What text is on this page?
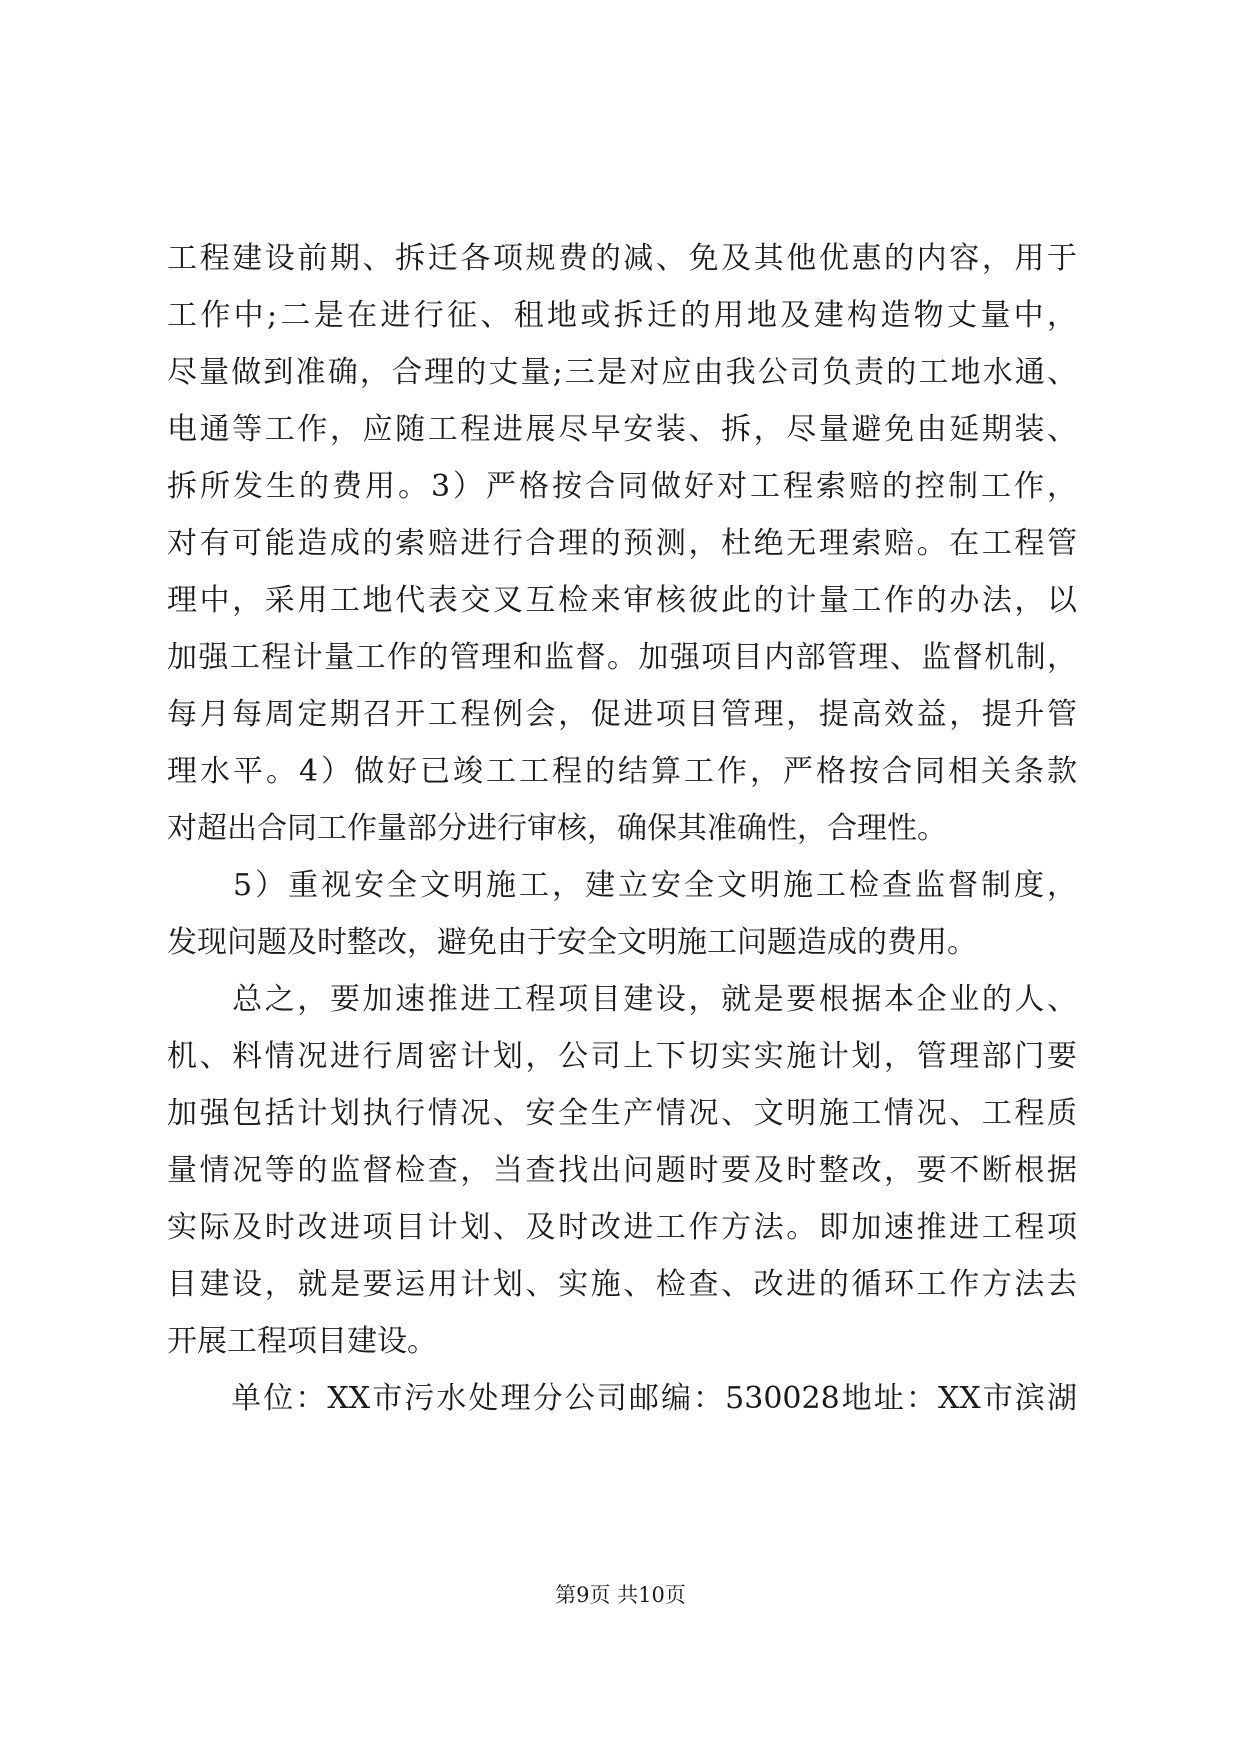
工程建设前期、拆迁各项规费的减、免及其他优惠的内容，用于
工作中;二是在进行征、租地或拆迁的用地及建构造物丈量中，
尽量做到准确，合理的丈量;三是对应由我公司负责的工地水通、
电通等工作，应随工程进展尽早安装、拆，尽量避免由延期装、
拆所发生的费用。3）严格按合同做好对工程索赔的控制工作，
对有可能造成的索赔进行合理的预测，杜绝无理索赔。在工程管
理中，采用工地代表交叉互检来审核彼此的计量工作的办法，以
加强工程计量工作的管理和监督。加强项目内部管理、监督机制，
每月每周定期召开工程例会，促进项目管理，提高效益，提升管
理水平。4）做好已竣工工程的结算工作，严格按合同相关条款
对超出合同工作量部分进行审核，确保其准确性，合理性。
　　5）重视安全文明施工，建立安全文明施工检查监督制度，
发现问题及时整改，避免由于安全文明施工问题造成的费用。
　　总之，要加速推进工程项目建设，就是要根据本企业的人、
机、料情况进行周密计划，公司上下切实实施计划，管理部门要
加强包括计划执行情况、安全生产情况、文明施工情况、工程质
量情况等的监督检查，当查找出问题时要及时整改，要不断根据
实际及时改进项目计划、及时改进工作方法。即加速推进工程项
目建设，就是要运用计划、实施、检查、改进的循环工作方法去
开展工程项目建设。
　　单位：XX市污水处理分公司邮编：530028地址：XX市滨湖
第9页 共10页
